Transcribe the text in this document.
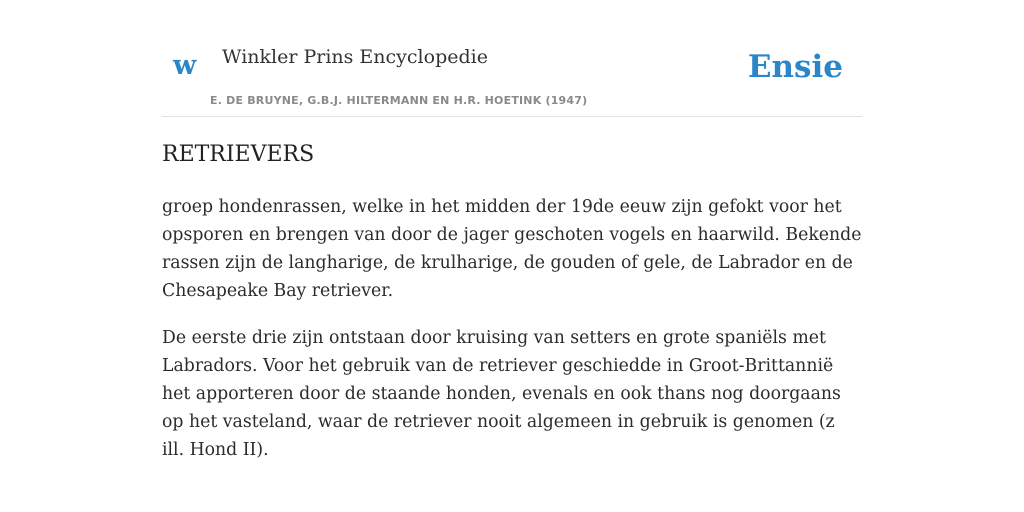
w Winkler Prins Encyclopedie
E. DE BRUYNE, G.B.J. HILTERMANN EN H.R. HOETINK (1947)
Ensie
RETRIEVERS

groep hondenrassen, welke in het midden der 19de eeuw zijn gefokt voor het opsporen en brengen van door de jager geschoten vogels en haarwild. Bekende rassen zijn de langharige, de krulharige, de gouden of gele, de Labrador en de Chesapeake Bay retriever.

De eerste drie zijn ontstaan door kruising van setters en grote spaniëls met Labradors. Voor het gebruik van de retriever geschiedde in Groot-Brittannië het apporteren door de staande honden, evenals en ook thans nog doorgaans op het vasteland, waar de retriever nooit algemeen in gebruik is genomen (z ill. Hond II).
